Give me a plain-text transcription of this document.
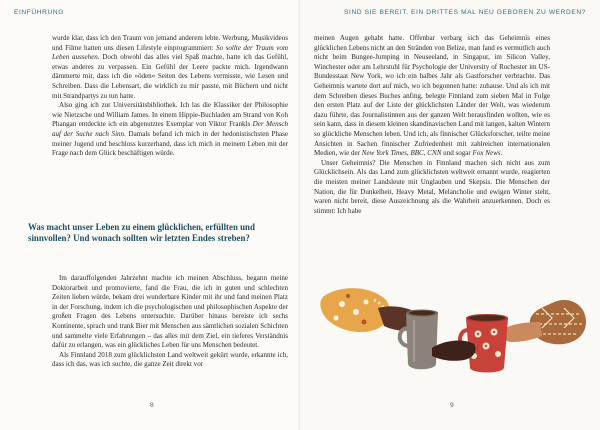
EINFÜHRUNG

wurde klar, dass ich den Traum von jemand anderem lebte. Werbung, Musikvideos und Filme hatten uns diesen Lifestyle einprogrammiert: So sollte der Traum vom Leben aussehen. Doch obwohl das alles viel Spaß machte, hatte ich das Gefühl, etwas anderes zu verpassen. Ein Gefühl der Leere packte mich. Irgendwann dämmerte mir, dass ich die »öden« Seiten des Lebens vermisste, wie Lesen und Schreiben. Dass die Lebensart, die wirklich zu mir passte, mit Büchern und nicht mit Strandpartys zu tun hatte.

Also ging ich zur Universitätsbibliothek. Ich las die Klassiker der Philosophie wie Nietzsche und William James. In einem Hippie-Buchladen am Strand von Koh Phangan entdeckte ich ein abgenutztes Exemplar von Viktor Frankls Der Mensch auf der Suche nach Sinn. Damals befand ich mich in der hedonistischsten Phase meiner Jugend und beschloss kurzerhand, dass ich mich in meinem Leben mit der Frage nach dem Glück beschäftigen würde.

Was macht unser Leben zu einem glücklichen, erfüllten und sinnvollen? Und wonach sollten wir letzten Endes streben?

Im darauffolgenden Jahrzehnt machte ich meinen Abschluss, begann meine Doktorarbeit und promovierte, fand die Frau, die ich in guten und schlechten Zeiten lieben würde, bekam drei wunderbare Kinder mit ihr und fand meinen Platz in der Forschung, indem ich die psychologischen und philosophischen Aspekte der großen Fragen des Lebens untersuchte. Darüber hinaus bereiste ich sechs Kontinente, sprach und trank Bier mit Menschen aus sämtlichen sozialen Schichten und sammelte viele Erfahrungen – das alles mit dem Ziel, ein tieferes Verständnis dafür zu erlangen, was ein glückliches Leben für uns Menschen bedeutet.

Als Finnland 2018 zum glücklichsten Land weltweit gekürt wurde, erkannte ich, dass ich das, was ich suchte, die ganze Zeit direkt vor

8
SIND SIE BEREIT, EIN DRITTES MAL NEU GEBOREN ZU WERDEN?

meinen Augen gehabt hatte. Offenbar verbarg sich das Geheimnis eines glücklichen Lebens nicht an den Stränden von Belize, man fand es vermutlich auch nicht beim Bungee-Jumping in Neuseeland, in Singapur, im Silicon Valley, Winchester oder am Lehrstuhl für Psychologie der University of Rochester im US-Bundesstaat New York, wo ich ein halbes Jahr als Gastforscher verbrachte. Das Geheimnis wartete dort auf mich, wo ich begonnen hatte: zuhause. Und als ich mit dem Schreiben dieses Buches anfing, belegte Finnland zum sieben Mal in Folge den ersten Platz auf der Liste der glücklichsten Länder der Welt, was wiederum dazu führte, das Journalistinnen aus der ganzen Welt herausfinden wollten, wie es sein kann, dass in diesem kleinen skandinavischen Land mit langen, kalten Wintern so glückliche Menschen leben. Und ich, als finnischer Glücksforscher, teilte meine Ansichten in Sachen finnischer Zufriedenheit mit zahlreichen internationalen Medien, wie der New York Times, BBC, CNN und sogar Fox News.

Unser Geheimnis? Die Menschen in Finnland machen sich nicht aus zum Glücklichsein. Als das Land zum glücklichsten weltweit ernannt wurde, reagierten die meisten meiner Landsleute mit Unglauben und Skepsis. Die Menschen der Nation, die für Dunkelheit, Heavy Metal, Melancholie und ewigen Winter steht, waren nicht bereit, diese Auszeichnung als die Wahrheit anzuerkennen. Doch es stimmt: Ich habe

9
